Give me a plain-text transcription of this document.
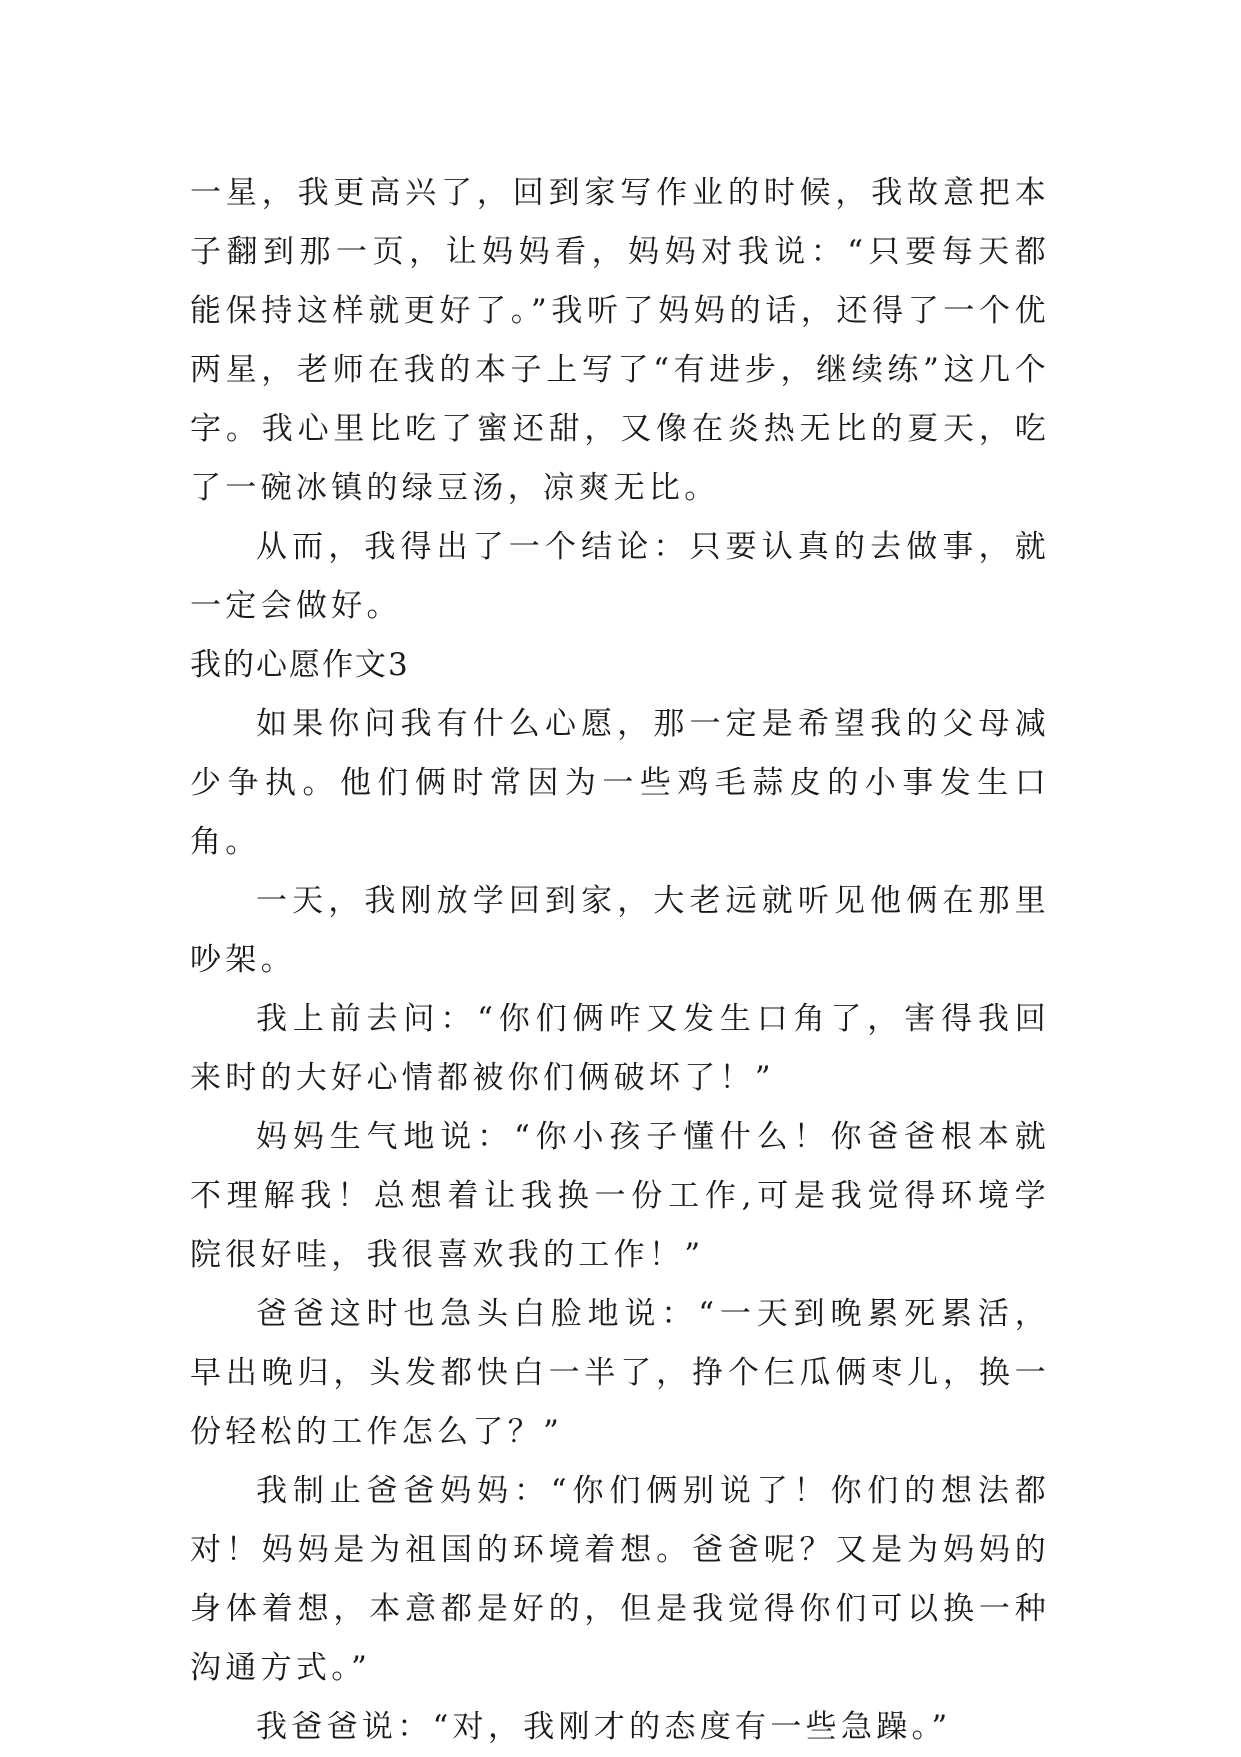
一星，我更高兴了，回到家写作业的时候，我故意把本子翻到那一页，让妈妈看，妈妈对我说：“只要每天都能保持这样就更好了。”我听了妈妈的话，还得了一个优两星，老师在我的本子上写了“有进步，继续练”这几个字。我心里比吃了蜜还甜，又像在炎热无比的夏天，吃了一碗冰镇的绿豆汤，凉爽无比。

从而，我得出了一个结论：只要认真的去做事，就一定会做好。

我的心愿作文3

如果你问我有什么心愿，那一定是希望我的父母减少争执。他们俩时常因为一些鸡毛蒜皮的小事发生口角。

一天，我刚放学回到家，大老远就听见他俩在那里吵架。

我上前去问：“你们俩咋又发生口角了，害得我回来时的大好心情都被你们俩破坏了！”

妈妈生气地说：“你小孩子懂什么！你爸爸根本就不理解我！总想着让我换一份工作,可是我觉得环境学院很好哇，我很喜欢我的工作！”

爸爸这时也急头白脸地说：“一天到晚累死累活，早出晚归，头发都快白一半了，挣个仨瓜俩枣儿，换一份轻松的工作怎么了？”

我制止爸爸妈妈：“你们俩别说了！你们的想法都对！妈妈是为祖国的环境着想。爸爸呢？又是为妈妈的身体着想，本意都是好的，但是我觉得你们可以换一种沟通方式。”

我爸爸说：“对，我刚才的态度有一些急躁。”
